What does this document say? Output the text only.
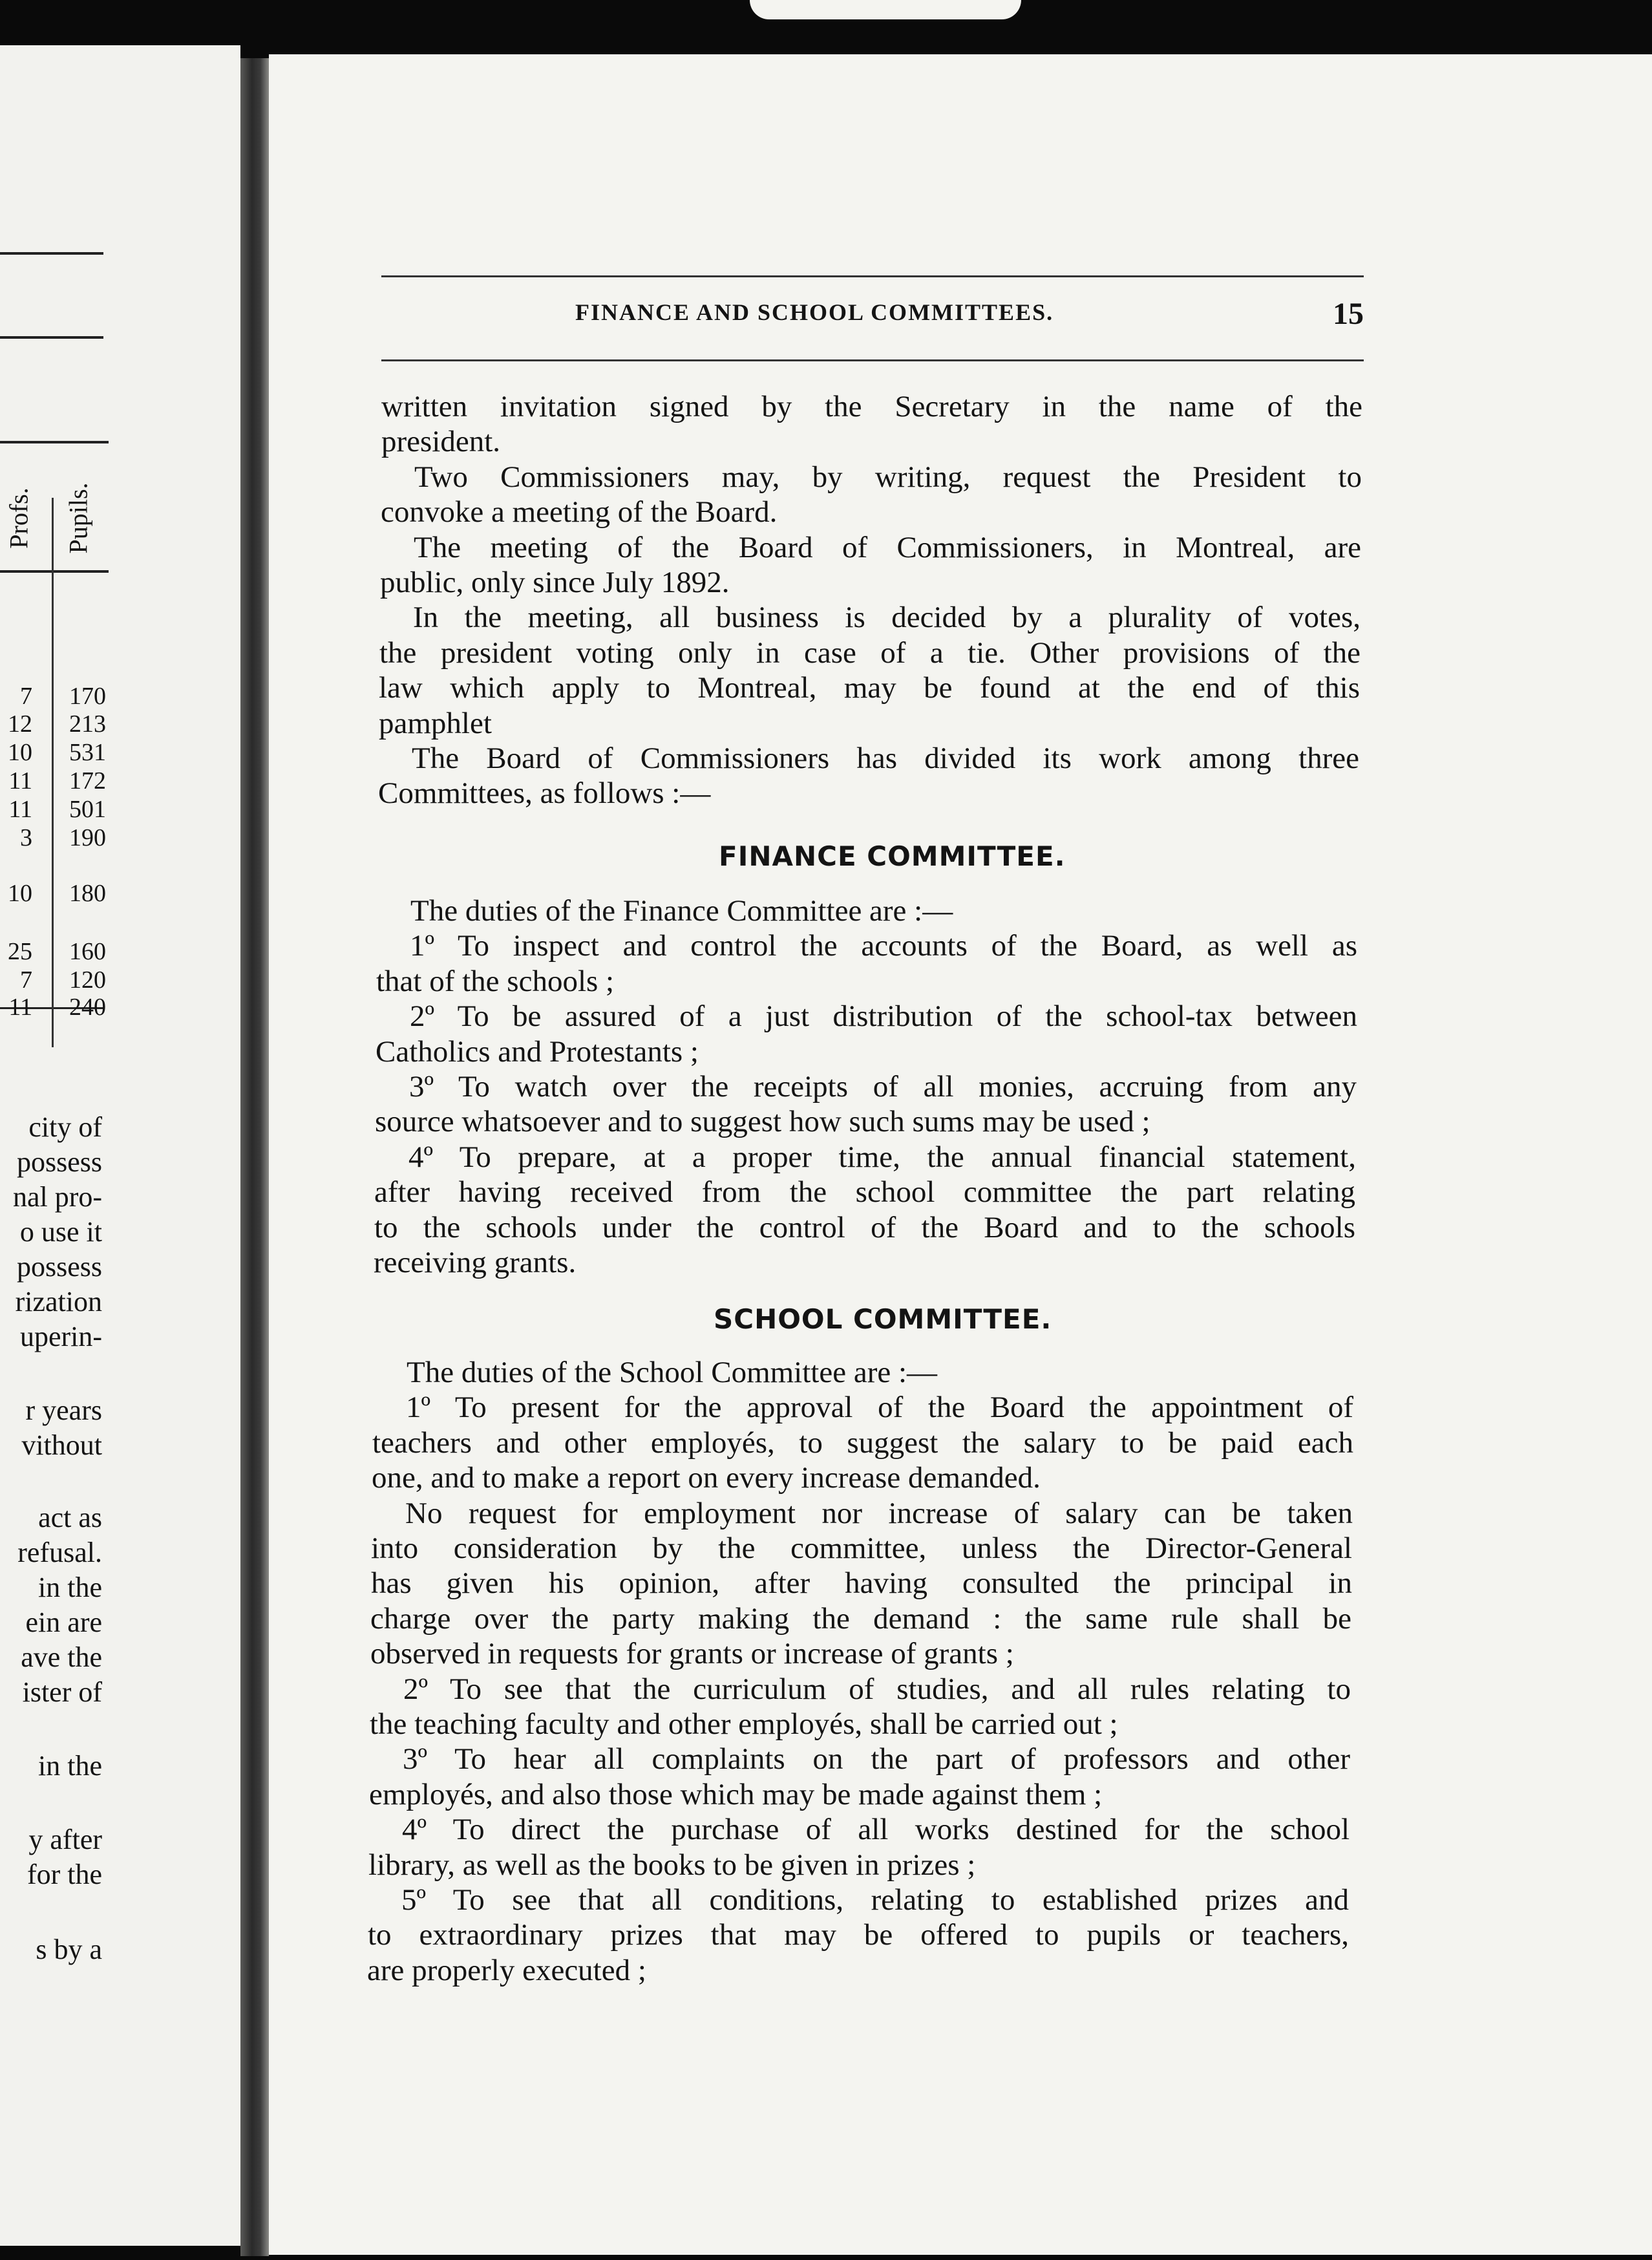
Profs. Pupils.
7	170
12	213
10	531
11	172
11	501
3	190
10	180
25	160
7	120
11	240
city of
possess
nal pro-
o use it
possess
rization
uperin-
r years
vithout
act as
refusal.
in the
ein are
ave the
ister of
in the
y after
for the
s by a
FINANCE AND SCHOOL COMMITTEES.	15
written invitation signed by the Secretary in the name of the
president.
Two Commissioners may, by writing, request the President to
convoke a meeting of the Board.
The meeting of the Board of Commissioners, in Montreal, are
public, only since July 1892.
In the meeting, all business is decided by a plurality of votes,
the president voting only in case of a tie. Other provisions of the
law which apply to Montreal, may be found at the end of this
pamphlet
The Board of Commissioners has divided its work among three
Committees, as follows :—
FINANCE COMMITTEE.
The duties of the Finance Committee are :—
1º To inspect and control the accounts of the Board, as well as
that of the schools ;
2º To be assured of a just distribution of the school-tax between
Catholics and Protestants ;
3º To watch over the receipts of all monies, accruing from any
source whatsoever and to suggest how such sums may be used ;
4º To prepare, at a proper time, the annual financial statement,
after having received from the school committee the part relating
to the schools under the control of the Board and to the schools
receiving grants.
SCHOOL COMMITTEE.
The duties of the School Committee are :—
1º To present for the approval of the Board the appointment of
teachers and other employés, to suggest the salary to be paid each
one, and to make a report on every increase demanded.
No request for employment nor increase of salary can be taken
into consideration by the committee, unless the Director-General
has given his opinion, after having consulted the principal in
charge over the party making the demand : the same rule shall be
observed in requests for grants or increase of grants ;
2º To see that the curriculum of studies, and all rules relating to
the teaching faculty and other employés, shall be carried out ;
3º To hear all complaints on the part of professors and other
employés, and also those which may be made against them ;
4º To direct the purchase of all works destined for the school
library, as well as the books to be given in prizes ;
5º To see that all conditions, relating to established prizes and
to extraordinary prizes that may be offered to pupils or teachers,
are properly executed ;
